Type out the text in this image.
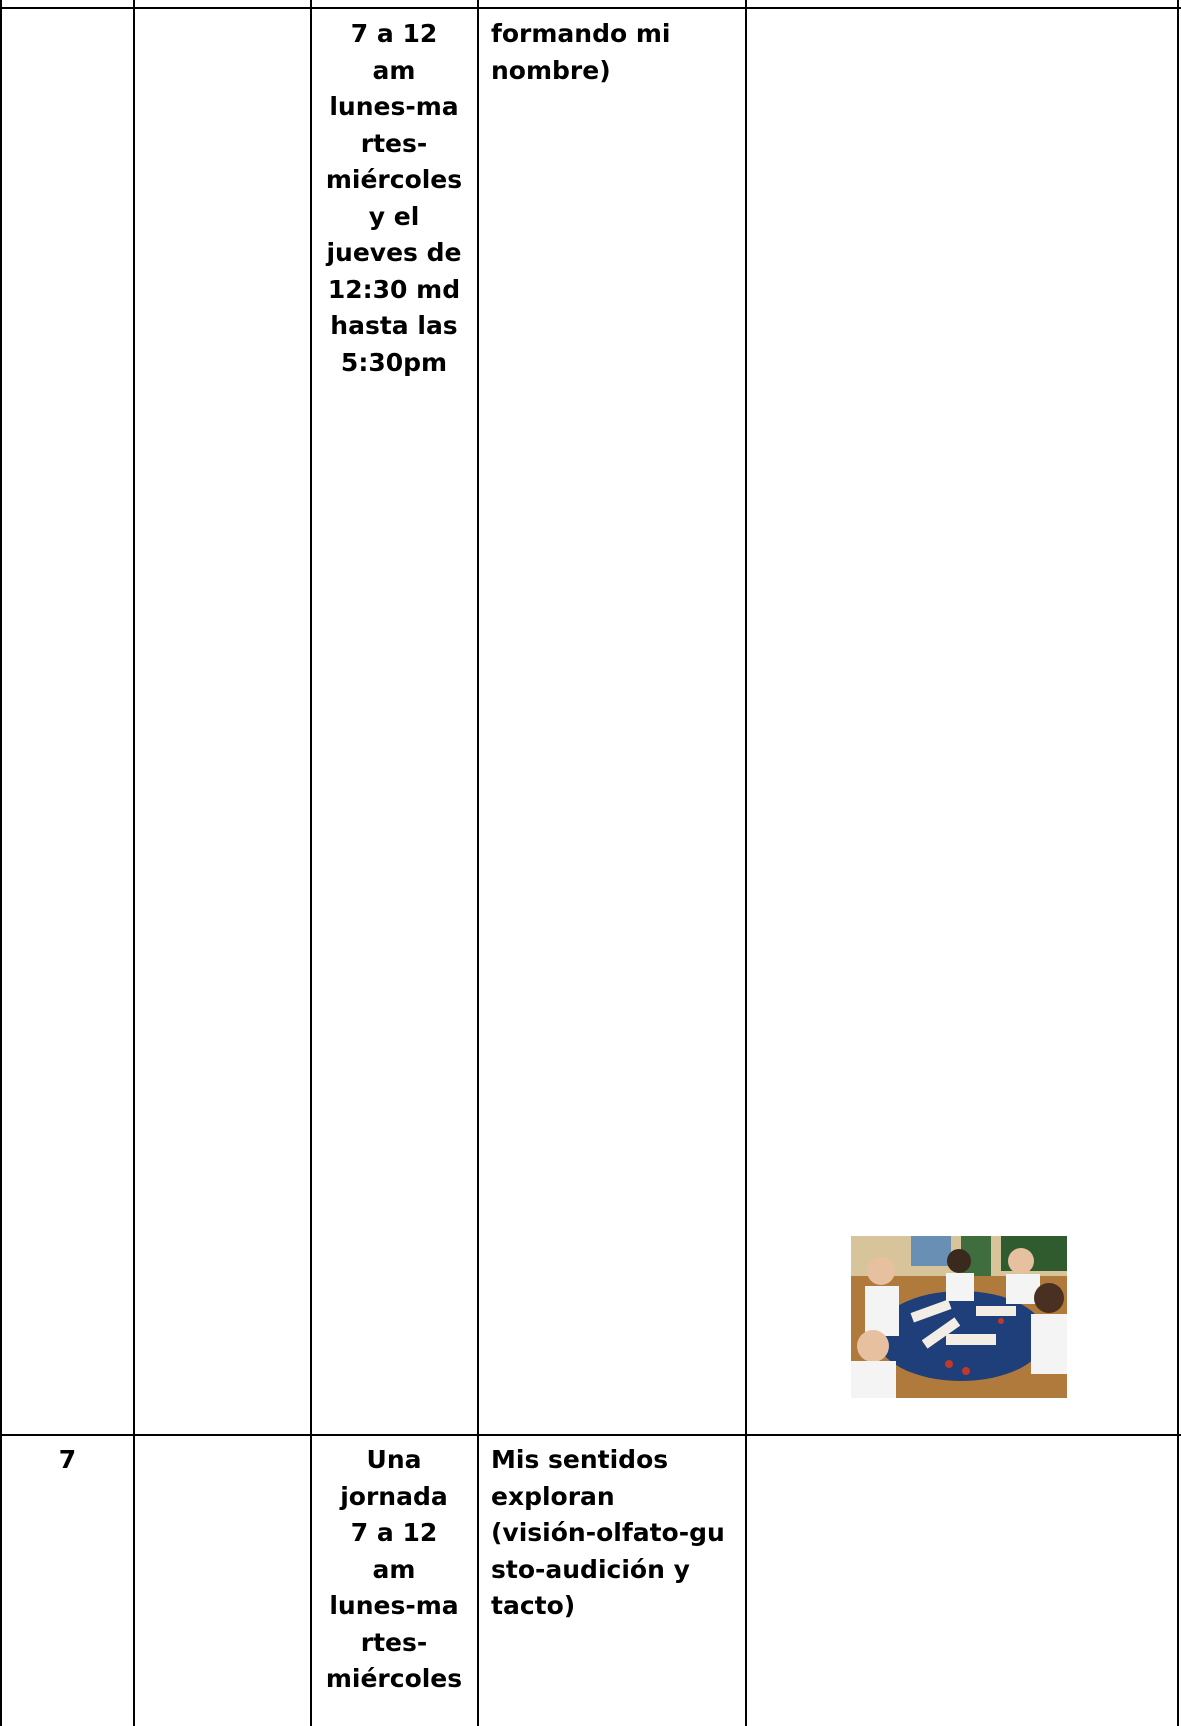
7 a 12
am
lunes-ma
rtes-
miércoles
y el
jueves de
12:30 md
hasta las
5:30pm
formando mi
nombre)
7	Una
jornada
7 a 12
am
lunes-ma
rtes-
miércoles
Mis sentidos
exploran
(visión-olfato-gu
sto-audición y
tacto)
